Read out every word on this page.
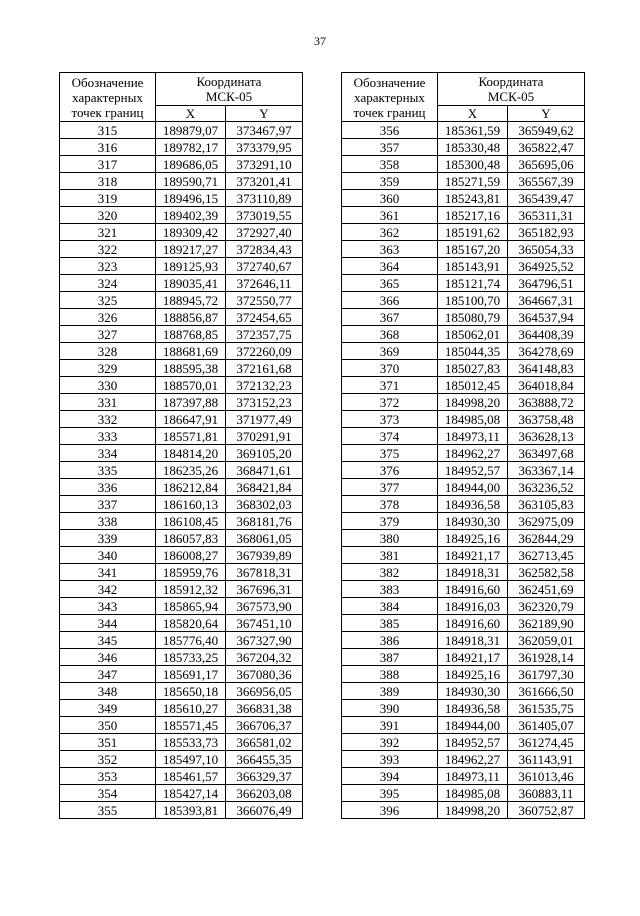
37
Обозначение характерных точек границ	Координата
МСК-05	
	X	Y
315	189879,07	373467,97
316	189782,17	373379,95
317	189686,05	373291,10
318	189590,71	373201,41
319	189496,15	373110,89
320	189402,39	373019,55
321	189309,42	372927,40
322	189217,27	372834,43
323	189125,93	372740,67
324	189035,41	372646,11
325	188945,72	372550,77
326	188856,87	372454,65
327	188768,85	372357,75
328	188681,69	372260,09
329	188595,38	372161,68
330	188570,01	372132,23
331	187397,88	373152,23
332	186647,91	371977,49
333	185571,81	370291,91
334	184814,20	369105,20
335	186235,26	368471,61
336	186212,84	368421,84
337	186160,13	368302,03
338	186108,45	368181,76
339	186057,83	368061,05
340	186008,27	367939,89
341	185959,76	367818,31
342	185912,32	367696,31
343	185865,94	367573,90
344	185820,64	367451,10
345	185776,40	367327,90
346	185733,25	367204,32
347	185691,17	367080,36
348	185650,18	366956,05
349	185610,27	366831,38
350	185571,45	366706,37
351	185533,73	366581,02
352	185497,10	366455,35
353	185461,57	366329,37
354	185427,14	366203,08
355	185393,81	366076,49
Обозначение характерных точек границ	Координата
МСК-05	
	X	Y
356	185361,59	365949,62
357	185330,48	365822,47
358	185300,48	365695,06
359	185271,59	365567,39
360	185243,81	365439,47
361	185217,16	365311,31
362	185191,62	365182,93
363	185167,20	365054,33
364	185143,91	364925,52
365	185121,74	364796,51
366	185100,70	364667,31
367	185080,79	364537,94
368	185062,01	364408,39
369	185044,35	364278,69
370	185027,83	364148,83
371	185012,45	364018,84
372	184998,20	363888,72
373	184985,08	363758,48
374	184973,11	363628,13
375	184962,27	363497,68
376	184952,57	363367,14
377	184944,00	363236,52
378	184936,58	363105,83
379	184930,30	362975,09
380	184925,16	362844,29
381	184921,17	362713,45
382	184918,31	362582,58
383	184916,60	362451,69
384	184916,03	362320,79
385	184916,60	362189,90
386	184918,31	362059,01
387	184921,17	361928,14
388	184925,16	361797,30
389	184930,30	361666,50
390	184936,58	361535,75
391	184944,00	361405,07
392	184952,57	361274,45
393	184962,27	361143,91
394	184973,11	361013,46
395	184985,08	360883,11
396	184998,20	360752,87
